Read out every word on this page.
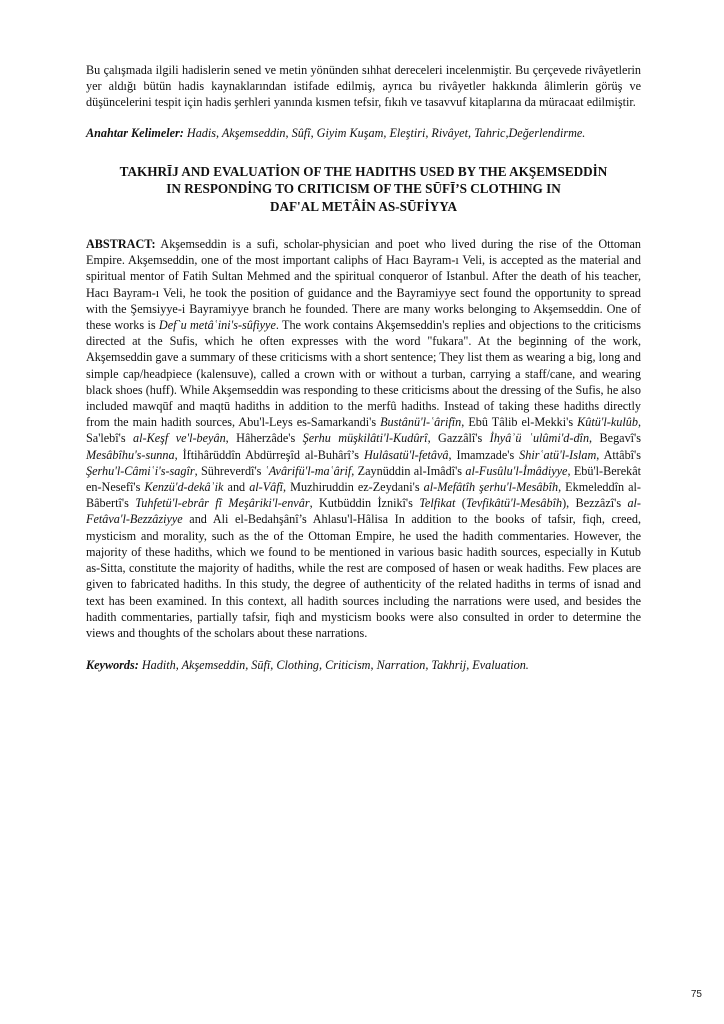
Bu çalışmada ilgili hadislerin sened ve metin yönünden sıhhat dereceleri incelenmiştir. Bu çerçevede rivâyetlerin yer aldığı bütün hadis kaynaklarından istifade edilmiş, ayrıca bu rivâyetler hakkında âlimlerin görüş ve düşüncelerini tespit için hadis şerhleri yanında kısmen tefsir, fıkıh ve tasavvuf kitaplarına da müracaat edilmiştir.

Anahtar Kelimeler: Hadis, Akşemseddin, Sûfî, Giyim Kuşam, Eleştiri, Rivâyet, Tahric,Değerlendirme.

TAKHRĪJ AND EVALUATİON OF THE HADITHS USED BY THE AKŞEMSEDDİN
IN RESPONDİNG TO CRITICISM OF THE SŪFĪ’S CLOTHING IN
DAF'AL METÂİN AS-SŪFİYYA

ABSTRACT: Akşemseddin is a sufi, scholar-physician and poet who lived during the rise of the Ottoman Empire. Akşemseddin, one of the most important caliphs of Hacı Bayram-ı Veli, is accepted as the material and spiritual mentor of Fatih Sultan Mehmed and the spiritual conqueror of Istanbul. After the death of his teacher, Hacı Bayram-ı Veli, he took the position of guidance and the Bayramiyye sect found the opportunity to spread with the Şemsiyye-i Bayramiyye branch he founded. There are many works belonging to Akşemseddin. One of these works is Def`u metâʿini's-sûfiyye. The work contains Akşemseddin's replies and objections to the criticisms directed at the Sufis, which he often expresses with the word "fukara". At the beginning of the work, Akşemseddin gave a summary of these criticisms with a short sentence; They list them as wearing a big, long and simple cap/headpiece (kalensuve), called a crown with or without a turban, carrying a staff/cane, and wearing black shoes (huff). While Akşemseddin was responding to these criticisms about the dressing of the Sufis, he also included mawqūf and maqtū hadiths in addition to the merfû hadiths. Instead of taking these hadiths directly from the main hadith sources, Abu'l-Leys es-Samarkandi's Bustânü'l-ʿârifîn, Ebû Tâlib el-Mekki's Kûtü'l-kulûb, Sa'lebî's al-Keşf ve'l-beyân, Hâherzâde's Şerhu müşkilâti'l-Kudûrî, Gazzâlî's İhyâʾü ʿulûmi'd-dîn, Begavî's Mesâbîhu's-sunna, İftihârüddîn Abdürreşîd al-Buhârî’s Hulâsatü'l-fetâvâ, Imamzade's Shirʿatü'l-Islam, Attâbî's Şerhu'l-Câmiʿi's-sagîr, Sühreverdî's ʿAvârifü'l-maʿârif, Zaynüddin al-Imâdî's al-Fusûlu'l-İmâdiyye, Ebü'l-Berekât en-Nesefî's Kenzü'd-dekâʾik and al-Vâfî, Muzhiruddin ez-Zeydani's al-Mefâtîh şerhu'l-Mesâbîh, Ekmeleddîn al- Bâbertî's Tuhfetü'l-ebrâr fî Meşâriki'l-envâr, Kutbüddin İznikî's Telfikat (Tevfikâtü'l-Mesâbîh), Bezzâzî's al-Fetâva'l-Bezzâziyye and Ali el-Bedahşânî’s Ahlasu'l-Hâlisa In addition to the books of tafsir, fiqh, creed, mysticism and morality, such as the of the Ottoman Empire, he used the hadith commentaries. However, the majority of these hadiths, which we found to be mentioned in various basic hadith sources, especially in Kutub as-Sitta, constitute the majority of hadiths, while the rest are composed of hasen or weak hadiths. Few places are given to fabricated hadiths. In this study, the degree of authenticity of the related hadiths in terms of isnad and text has been examined. In this context, all hadith sources including the narrations were used, and besides the hadith commentaries, partially tafsir, fiqh and mysticism books were also consulted in order to determine the views and thoughts of the scholars about these narrations.

Keywords: Hadith, Akşemseddin, Sūfī, Clothing, Criticism, Narration, Takhrij, Evaluation.

75
